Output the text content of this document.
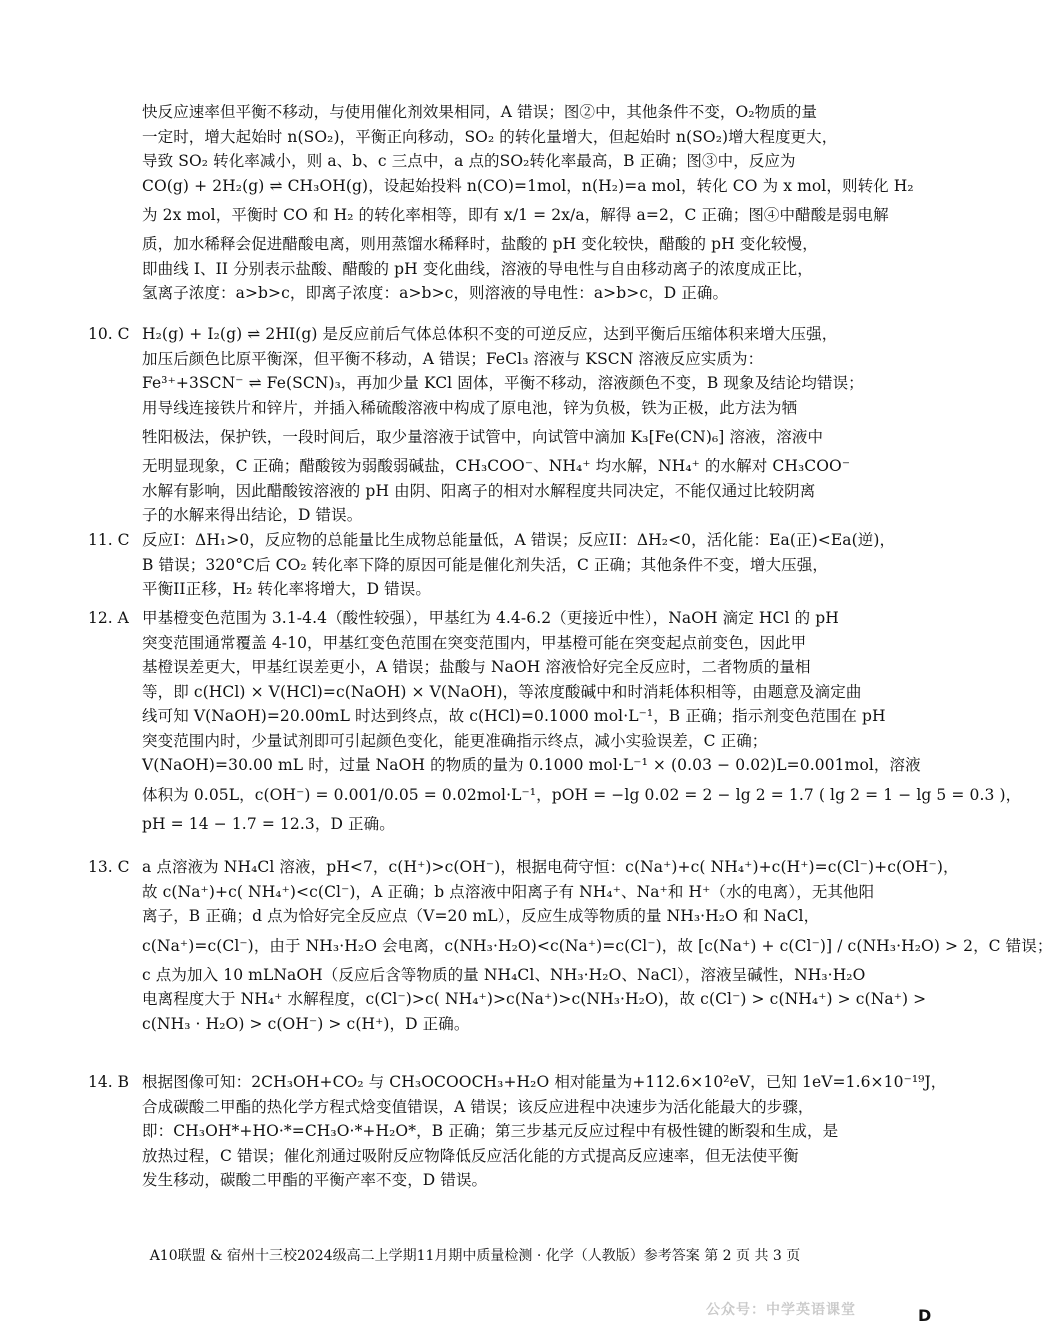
快反应速率但平衡不移动，与使用催化剂效果相同，A 错误；图②中，其他条件不变，O₂物质的量
一定时，增大起始时 n(SO₂)，平衡正向移动，SO₂ 的转化量增大，但起始时 n(SO₂)增大程度更大，
导致 SO₂ 转化率减小，则 a、b、c 三点中，a 点的SO₂转化率最高，B 正确；图③中，反应为
CO(g) + 2H₂(g) ⇌ CH₃OH(g)，设起始投料 n(CO)=1mol，n(H₂)=a mol，转化 CO 为 x mol，则转化 H₂
为 2x mol，平衡时 CO 和 H₂ 的转化率相等，即有 x/1 = 2x/a，解得 a=2，C 正确；图④中醋酸是弱电解
质，加水稀释会促进醋酸电离，则用蒸馏水稀释时，盐酸的 pH 变化较快，醋酸的 pH 变化较慢，
即曲线 I、II 分别表示盐酸、醋酸的 pH 变化曲线，溶液的导电性与自由移动离子的浓度成正比，
氢离子浓度：a>b>c，即离子浓度：a>b>c，则溶液的导电性：a>b>c，D 正确。
10. C H₂(g) + I₂(g) ⇌ 2HI(g) 是反应前后气体总体积不变的可逆反应，达到平衡后压缩体积来增大压强，
加压后颜色比原平衡深，但平衡不移动，A 错误；FeCl₃ 溶液与 KSCN 溶液反应实质为：
Fe³⁺+3SCN⁻ ⇌ Fe(SCN)₃，再加少量 KCl 固体，平衡不移动，溶液颜色不变，B 现象及结论均错误；
用导线连接铁片和锌片，并插入稀硫酸溶液中构成了原电池，锌为负极，铁为正极，此方法为牺
牲阳极法，保护铁，一段时间后，取少量溶液于试管中，向试管中滴加 K₃[Fe(CN)₆] 溶液，溶液中
无明显现象，C 正确；醋酸铵为弱酸弱碱盐，CH₃COO⁻、NH₄⁺ 均水解，NH₄⁺ 的水解对 CH₃COO⁻
水解有影响，因此醋酸铵溶液的 pH 由阴、阳离子的相对水解程度共同决定，不能仅通过比较阴离
子的水解来得出结论，D 错误。
11. C 反应I：ΔH₁>0，反应物的总能量比生成物总能量低，A 错误；反应II：ΔH₂<0，活化能：Ea(正)<Ea(逆)，
B 错误；320°C后 CO₂ 转化率下降的原因可能是催化剂失活，C 正确；其他条件不变，增大压强，
平衡II正移，H₂ 转化率将增大，D 错误。
12. A 甲基橙变色范围为 3.1-4.4（酸性较强），甲基红为 4.4-6.2（更接近中性），NaOH 滴定 HCl 的 pH
突变范围通常覆盖 4-10，甲基红变色范围在突变范围内，甲基橙可能在突变起点前变色，因此甲
基橙误差更大，甲基红误差更小，A 错误；盐酸与 NaOH 溶液恰好完全反应时，二者物质的量相
等，即 c(HCl) × V(HCl)=c(NaOH) × V(NaOH)，等浓度酸碱中和时消耗体积相等，由题意及滴定曲
线可知 V(NaOH)=20.00mL 时达到终点，故 c(HCl)=0.1000 mol·L⁻¹，B 正确；指示剂变色范围在 pH
突变范围内时，少量试剂即可引起颜色变化，能更准确指示终点，减小实验误差，C 正确；
V(NaOH)=30.00 mL 时，过量 NaOH 的物质的量为 0.1000 mol·L⁻¹ × (0.03 − 0.02)L=0.001mol，溶液
体积为 0.05L，c(OH⁻) = 0.001/0.05 = 0.02mol·L⁻¹，pOH = −lg 0.02 = 2 − lg 2 = 1.7 ( lg 2 = 1 − lg 5 = 0.3 )，
pH = 14 − 1.7 = 12.3，D 正确。
13. C a 点溶液为 NH₄Cl 溶液，pH<7，c(H⁺)>c(OH⁻)，根据电荷守恒：c(Na⁺)+c( NH₄⁺)+c(H⁺)=c(Cl⁻)+c(OH⁻)，
故 c(Na⁺)+c( NH₄⁺)<c(Cl⁻)，A 正确；b 点溶液中阳离子有 NH₄⁺、Na⁺和 H⁺（水的电离），无其他阳
离子，B 正确；d 点为恰好完全反应点（V=20 mL），反应生成等物质的量 NH₃·H₂O 和 NaCl，
c(Na⁺)=c(Cl⁻)，由于 NH₃·H₂O 会电离，c(NH₃·H₂O)<c(Na⁺)=c(Cl⁻)，故 [c(Na⁺) + c(Cl⁻)] / c(NH₃·H₂O) > 2，C 错误；
c 点为加入 10 mLNaOH（反应后含等物质的量 NH₄Cl、NH₃·H₂O、NaCl），溶液呈碱性，NH₃·H₂O
电离程度大于 NH₄⁺ 水解程度，c(Cl⁻)>c( NH₄⁺)>c(Na⁺)>c(NH₃·H₂O)，故 c(Cl⁻) > c(NH₄⁺) > c(Na⁺) >
c(NH₃ · H₂O) > c(OH⁻) > c(H⁺)，D 正确。
14. B 根据图像可知：2CH₃OH+CO₂ 与 CH₃OCOOCH₃+H₂O 相对能量为+112.6×10²eV，已知 1eV=1.6×10⁻¹⁹J，
合成碳酸二甲酯的热化学方程式焓变值错误，A 错误；该反应进程中决速步为活化能最大的步骤，
即：CH₃OH*+HO·*=CH₃O·*+H₂O*，B 正确；第三步基元反应过程中有极性键的断裂和生成，是
放热过程，C 错误；催化剂通过吸附反应物降低反应活化能的方式提高反应速率，但无法使平衡
发生移动，碳酸二甲酯的平衡产率不变，D 错误。
A10联盟 & 宿州十三校2024级高二上学期11月期中质量检测 · 化学（人教版）参考答案 第 2 页 共 3 页
公众号：中学英语课堂	D
